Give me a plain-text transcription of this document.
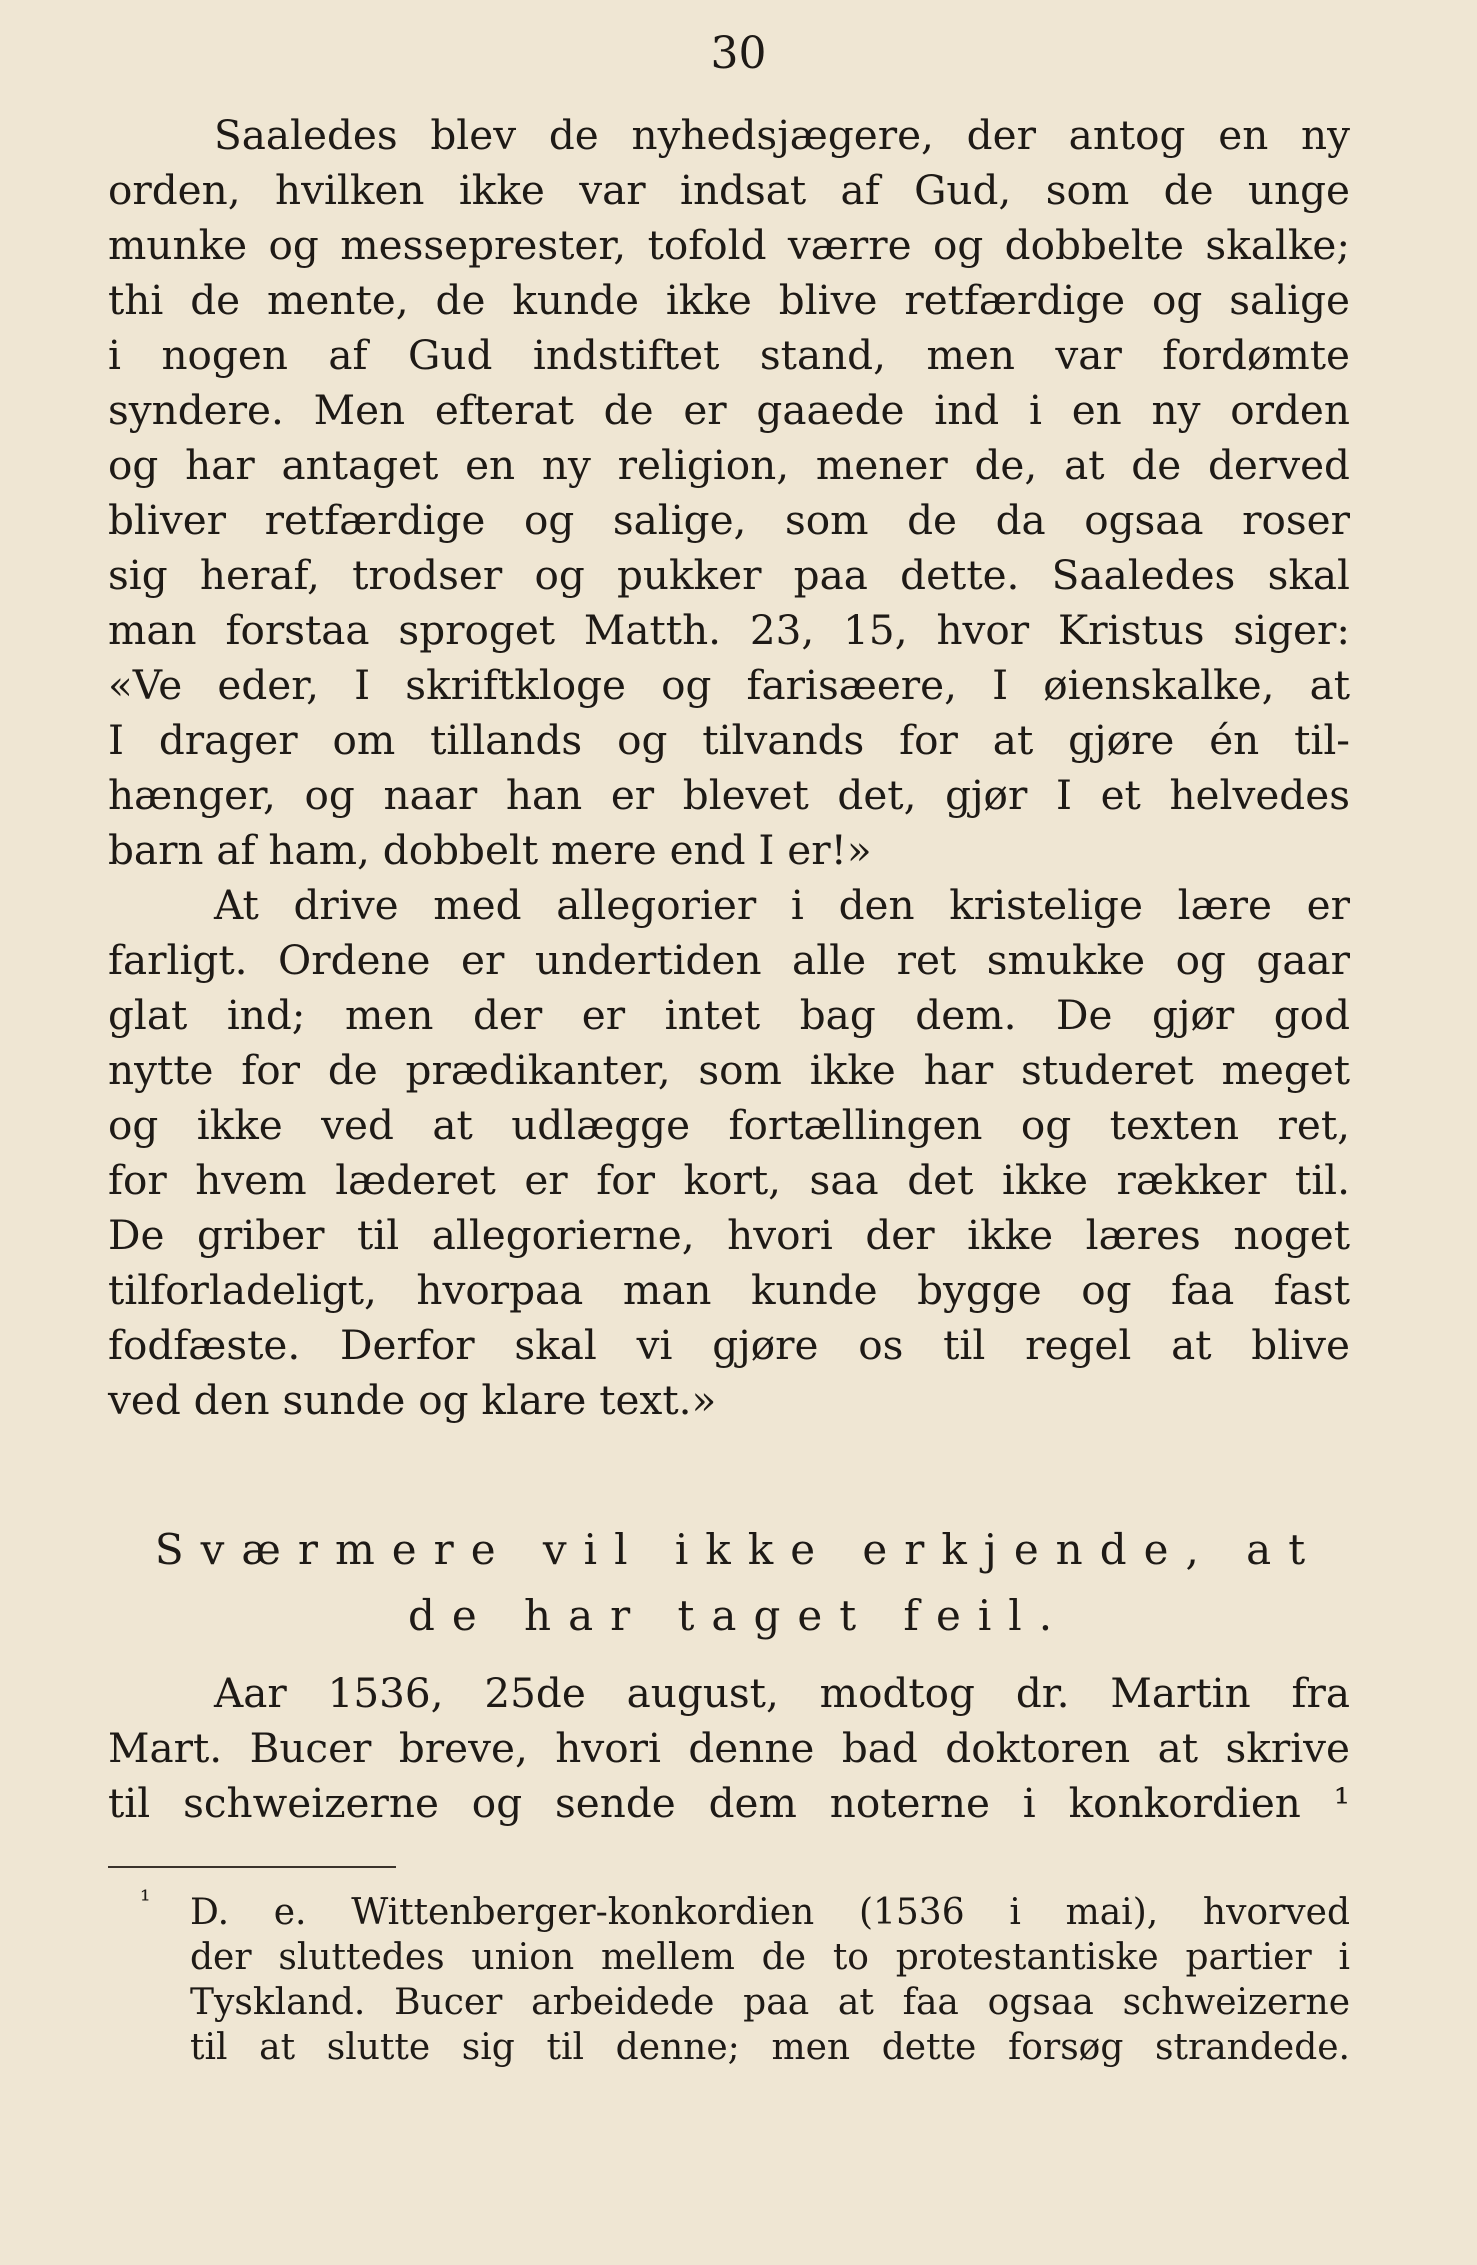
30
Saaledes blev de nyhedsjægere, der antog en ny
orden, hvilken ikke var indsat af Gud, som de unge
munke og messeprester, tofold værre og dobbelte skalke;
thi de mente, de kunde ikke blive retfærdige og salige
i nogen af Gud indstiftet stand, men var fordømte
syndere. Men efterat de er gaaede ind i en ny orden
og har antaget en ny religion, mener de, at de derved
bliver retfærdige og salige, som de da ogsaa roser
sig heraf, trodser og pukker paa dette. Saaledes skal
man forstaa sproget Matth. 23, 15, hvor Kristus siger:
«Ve eder, I skriftkloge og farisæere, I øienskalke, at
I drager om tillands og tilvands for at gjøre én til-
hænger, og naar han er blevet det, gjør I et helvedes
barn af ham, dobbelt mere end I er!»
At drive med allegorier i den kristelige lære er
farligt. Ordene er undertiden alle ret smukke og gaar
glat ind; men der er intet bag dem. De gjør god
nytte for de prædikanter, som ikke har studeret meget
og ikke ved at udlægge fortællingen og texten ret,
for hvem læderet er for kort, saa det ikke rækker til.
De griber til allegorierne, hvori der ikke læres noget
tilforladeligt, hvorpaa man kunde bygge og faa fast
fodfæste. Derfor skal vi gjøre os til regel at blive
ved den sunde og klare text.»
Sværmere vil ikke erkjende, at
de har taget feil.
Aar 1536, 25de august, modtog dr. Martin fra
Mart. Bucer breve, hvori denne bad doktoren at skrive
til schweizerne og sende dem noterne i konkordien ¹
¹ D. e. Wittenberger-konkordien (1536 i mai), hvorved
der sluttedes union mellem de to protestantiske partier i
Tyskland. Bucer arbeidede paa at faa ogsaa schweizerne
til at slutte sig til denne; men dette forsøg strandede.
